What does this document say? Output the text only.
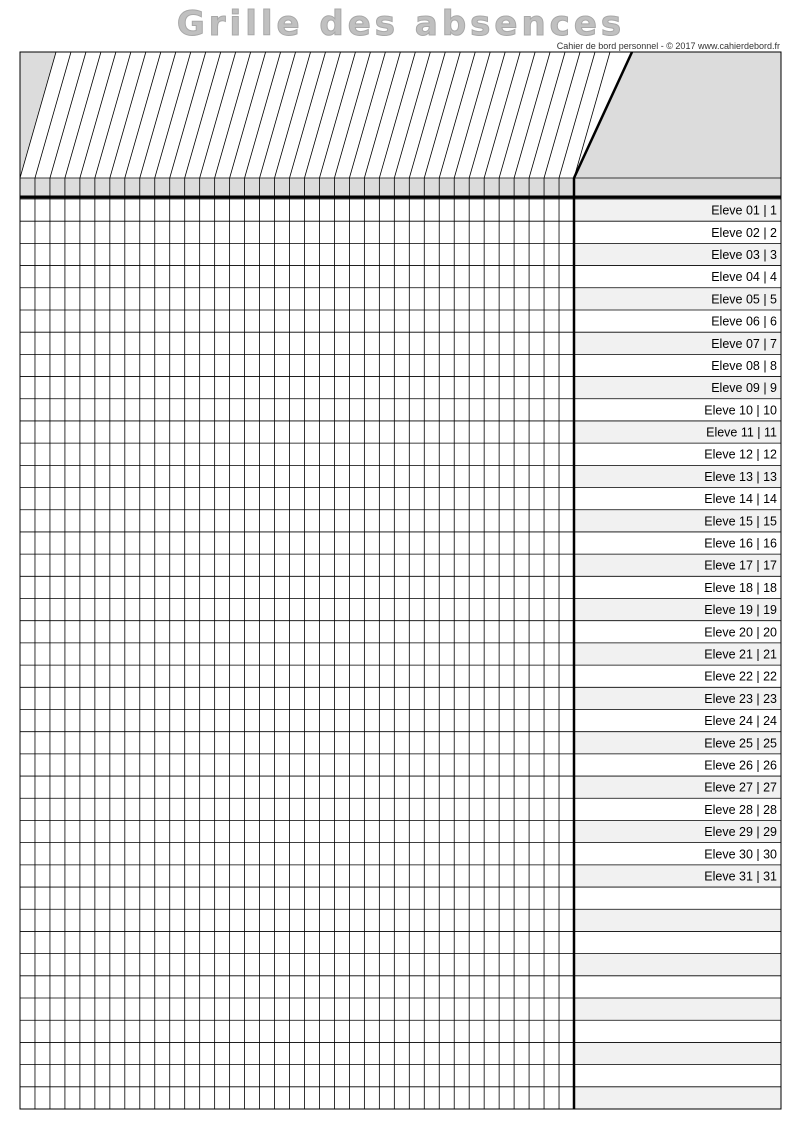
Grille des absences
Cahier de bord personnel - © 2017 www.cahierdebord.fr
Eleve 01 | 1
Eleve 02 | 2
Eleve 03 | 3
Eleve 04 | 4
Eleve 05 | 5
Eleve 06 | 6
Eleve 07 | 7
Eleve 08 | 8
Eleve 09 | 9
Eleve 10 | 10
Eleve 11 | 11
Eleve 12 | 12
Eleve 13 | 13
Eleve 14 | 14
Eleve 15 | 15
Eleve 16 | 16
Eleve 17 | 17
Eleve 18 | 18
Eleve 19 | 19
Eleve 20 | 20
Eleve 21 | 21
Eleve 22 | 22
Eleve 23 | 23
Eleve 24 | 24
Eleve 25 | 25
Eleve 26 | 26
Eleve 27 | 27
Eleve 28 | 28
Eleve 29 | 29
Eleve 30 | 30
Eleve 31 | 31
